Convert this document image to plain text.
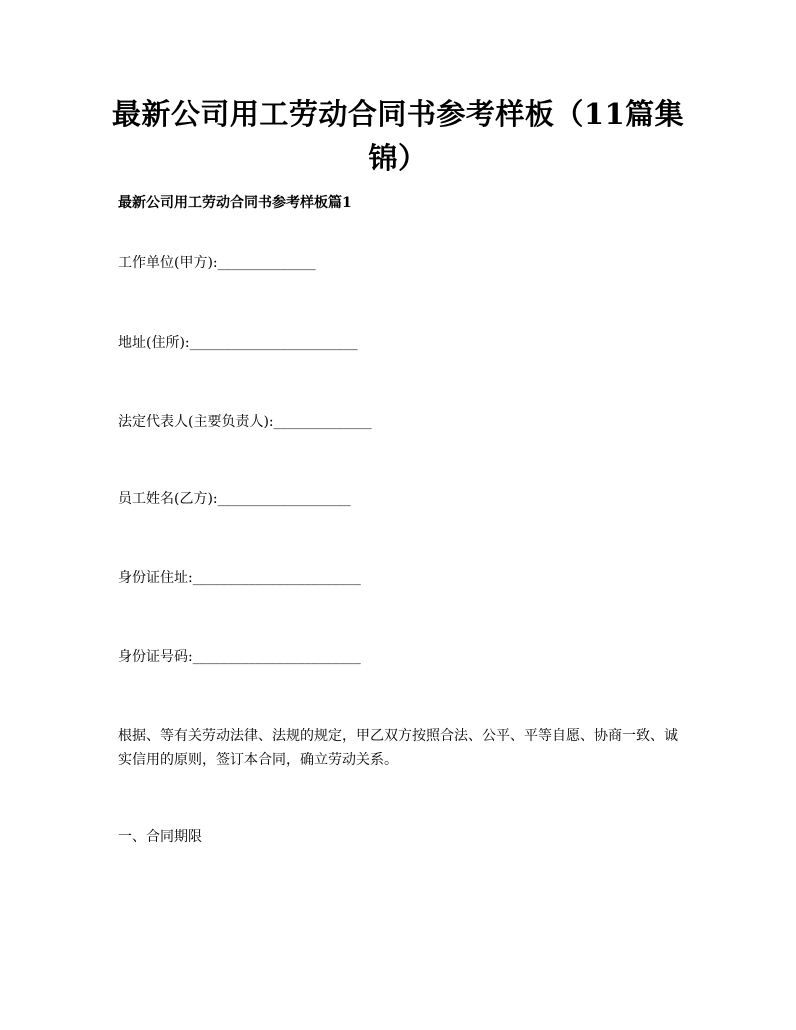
最新公司用工劳动合同书参考样板（11篇集锦）
最新公司用工劳动合同书参考样板篇1
工作单位(甲方):______________
地址(住所):________________________
法定代表人(主要负责人):______________
员工姓名(乙方):___________________
身份证住址:________________________
身份证号码:________________________
根据、等有关劳动法律、法规的规定，甲乙双方按照合法、公平、平等自愿、协商一致、诚实信用的原则，签订本合同，确立劳动关系。
一、合同期限
